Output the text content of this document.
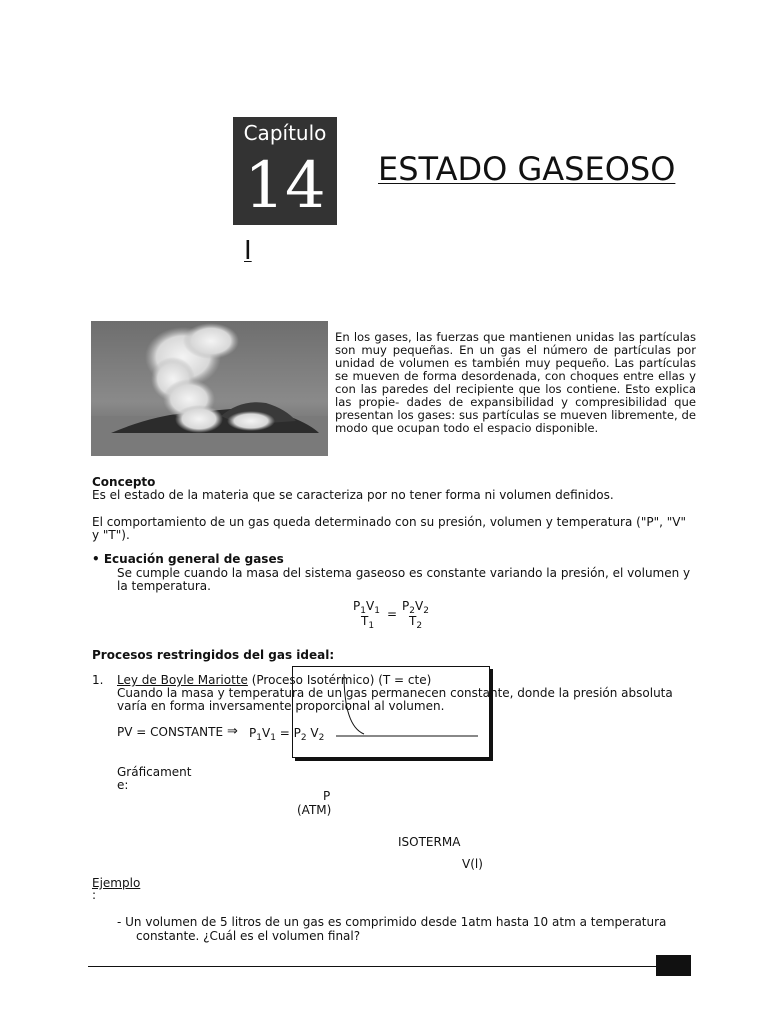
Capítulo
14	ESTADO GASEOSO
I
En los gases, las fuerzas que mantienen unidas las partículas son muy pequeñas. En un gas el número de partículas por unidad de volumen es también muy pequeño. Las partículas se mueven de forma desordenada, con choques entre ellas y con las paredes del recipiente que los contiene. Esto explica las propie- dades de expansibilidad y compresibilidad que presentan los gases: sus partículas se mueven libremente, de modo que ocupan todo el espacio disponible.
Concepto
Es el estado de la materia que se caracteriza por no tener forma ni volumen definidos.
El comportamiento de un gas queda determinado con su presión, volumen y temperatura ("P", "V" y "T").
• Ecuación general de gases
Se cumple cuando la masa del sistema gaseoso es constante variando la presión, el volumen y la temperatura.
$P_1V_1$
$T_1$
=
$P_2V_2$
$T_2$
Procesos restringidos del gas ideal:
1. Ley de Boyle Mariotte (Proceso Isotérmico) (T = cte)
Cuando la masa y temperatura de un gas permanecen constante, donde la presión absoluta varía en forma inversamente proporcional al volumen.
PV = CONSTANTE ⇒ $P_1V_1 = P_2$ $V_2$
Gráficament
e:
P
(ATM)
ISOTERMA
V(l)
Ejemplo
:
- Un volumen de 5 litros de un gas es comprimido desde 1atm hasta 10 atm a temperatura
constante. ¿Cuál es el volumen final?
